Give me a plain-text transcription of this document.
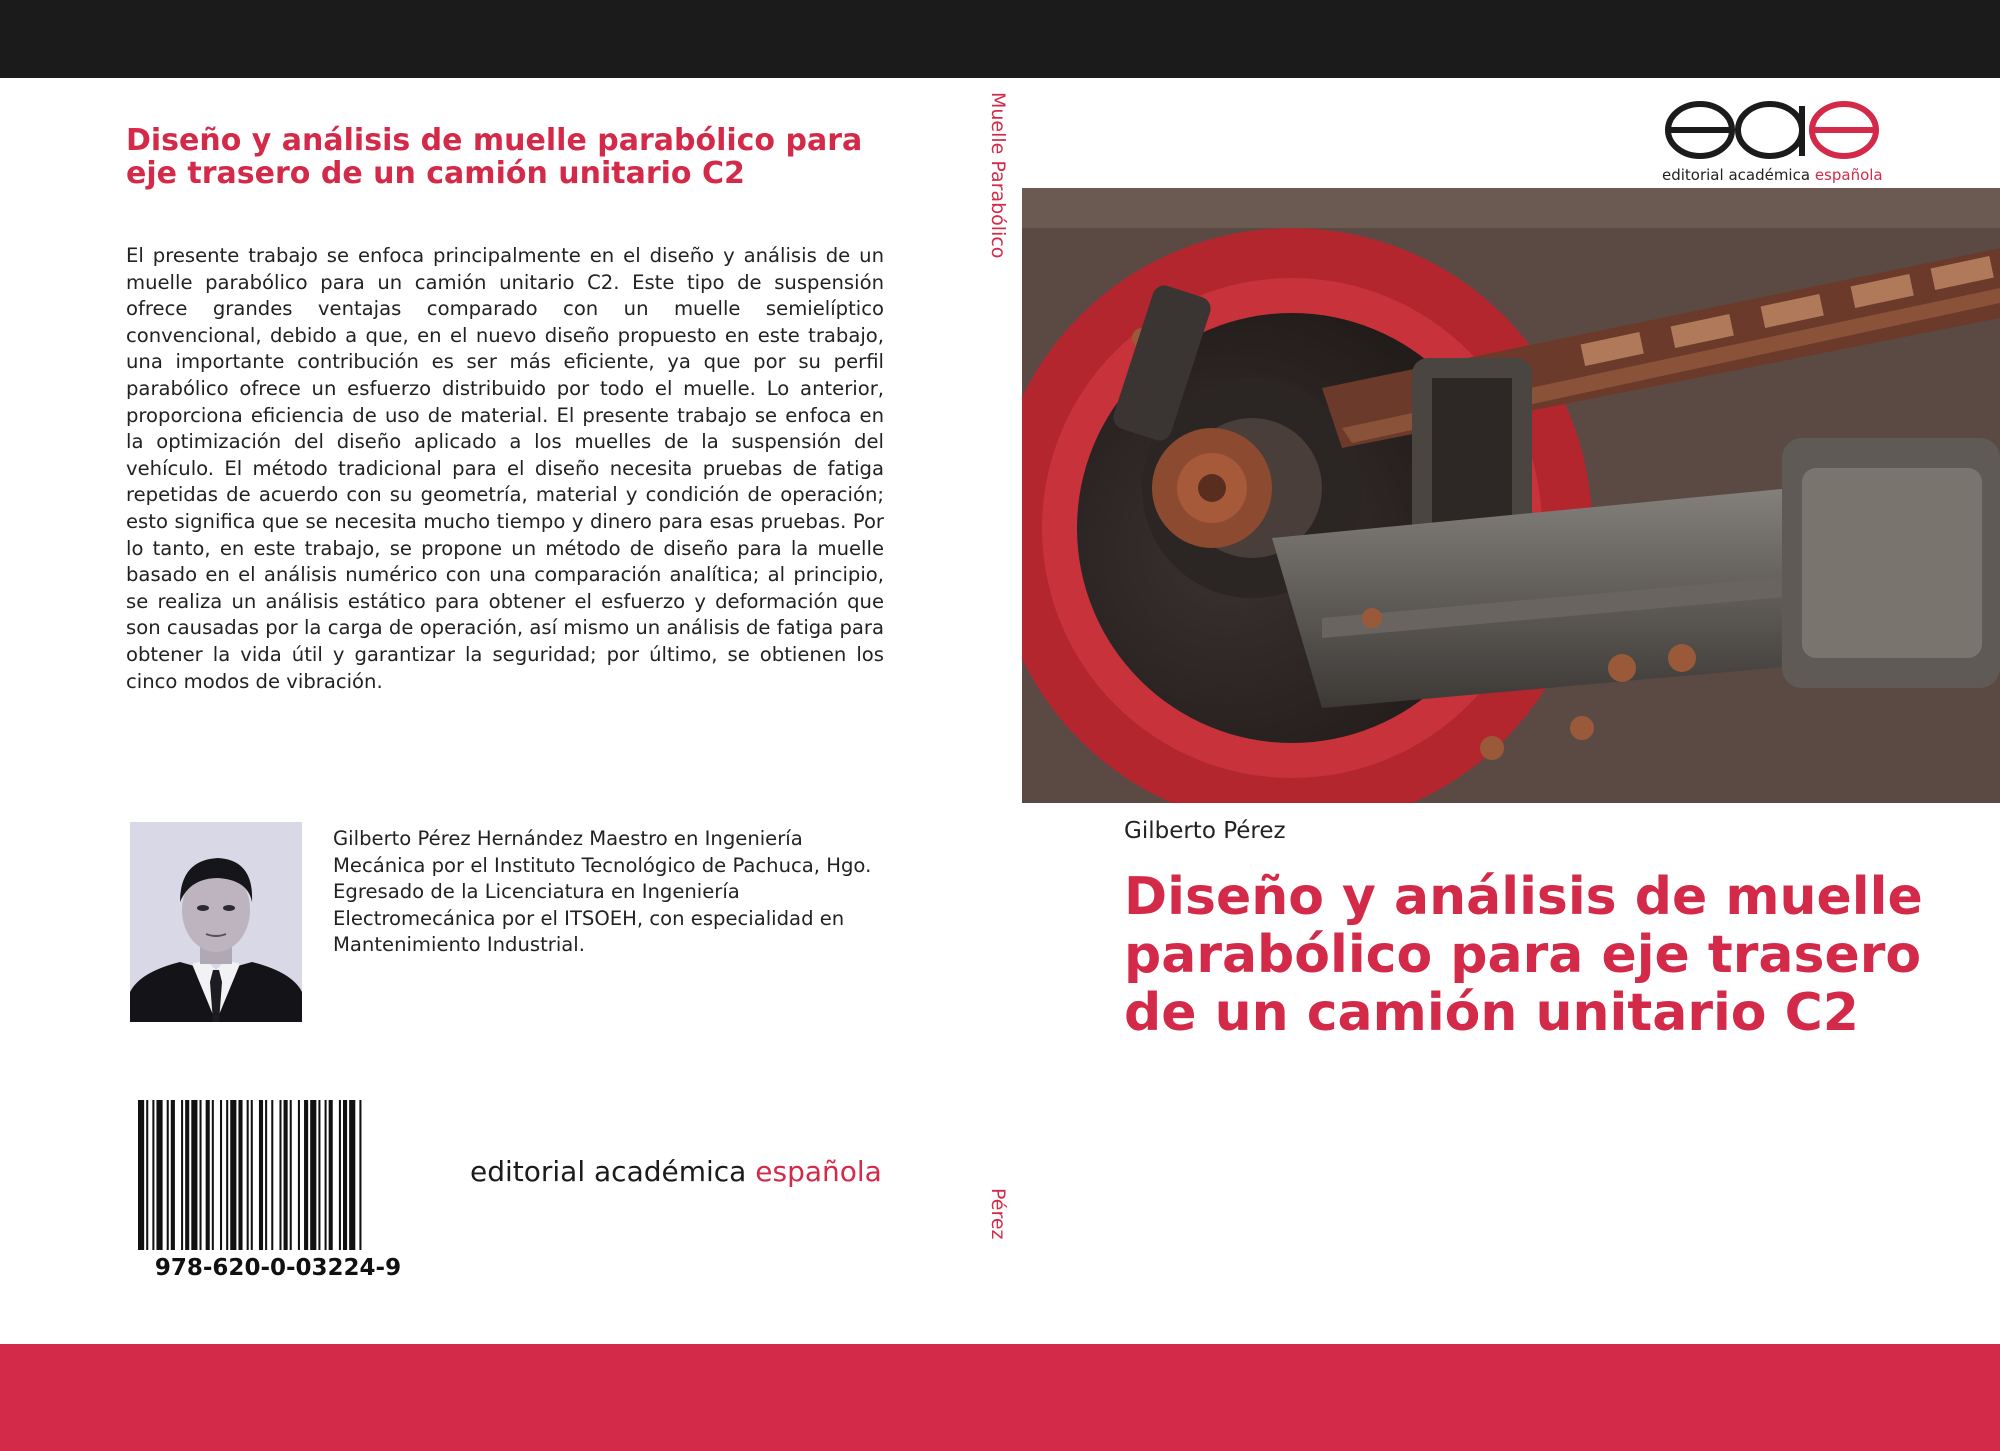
Diseño y análisis de muelle parabólico para eje trasero de un camión unitario C2

El presente trabajo se enfoca principalmente en el diseño y análisis de un muelle parabólico para un camión unitario C2. Este tipo de suspensión ofrece grandes ventajas comparado con un muelle semielíptico convencional, debido a que, en el nuevo diseño propuesto en este trabajo, una importante contribución es ser más eficiente, ya que por su perfil parabólico ofrece un esfuerzo distribuido por todo el muelle. Lo anterior, proporciona eficiencia de uso de material. El presente trabajo se enfoca en la optimización del diseño aplicado a los muelles de la suspensión del vehículo. El método tradicional para el diseño necesita pruebas de fatiga repetidas de acuerdo con su geometría, material y condición de operación; esto significa que se necesita mucho tiempo y dinero para esas pruebas. Por lo tanto, en este trabajo, se propone un método de diseño para la muelle basado en el análisis numérico con una comparación analítica; al principio, se realiza un análisis estático para obtener el esfuerzo y deformación que son causadas por la carga de operación, así mismo un análisis de fatiga para obtener la vida útil y garantizar la seguridad; por último, se obtienen los cinco modos de vibración.

Gilberto Pérez Hernández Maestro en Ingeniería Mecánica por el Instituto Tecnológico de Pachuca, Hgo. Egresado de la Licenciatura en Ingeniería Electromecánica por el ITSOEH, con especialidad en Mantenimiento Industrial.

978-620-0-03224-9
editorial académica española
Muelle Parabólico
Pérez
editorial académica española
Gilberto Pérez
Diseño y análisis de muelle parabólico para eje trasero de un camión unitario C2
